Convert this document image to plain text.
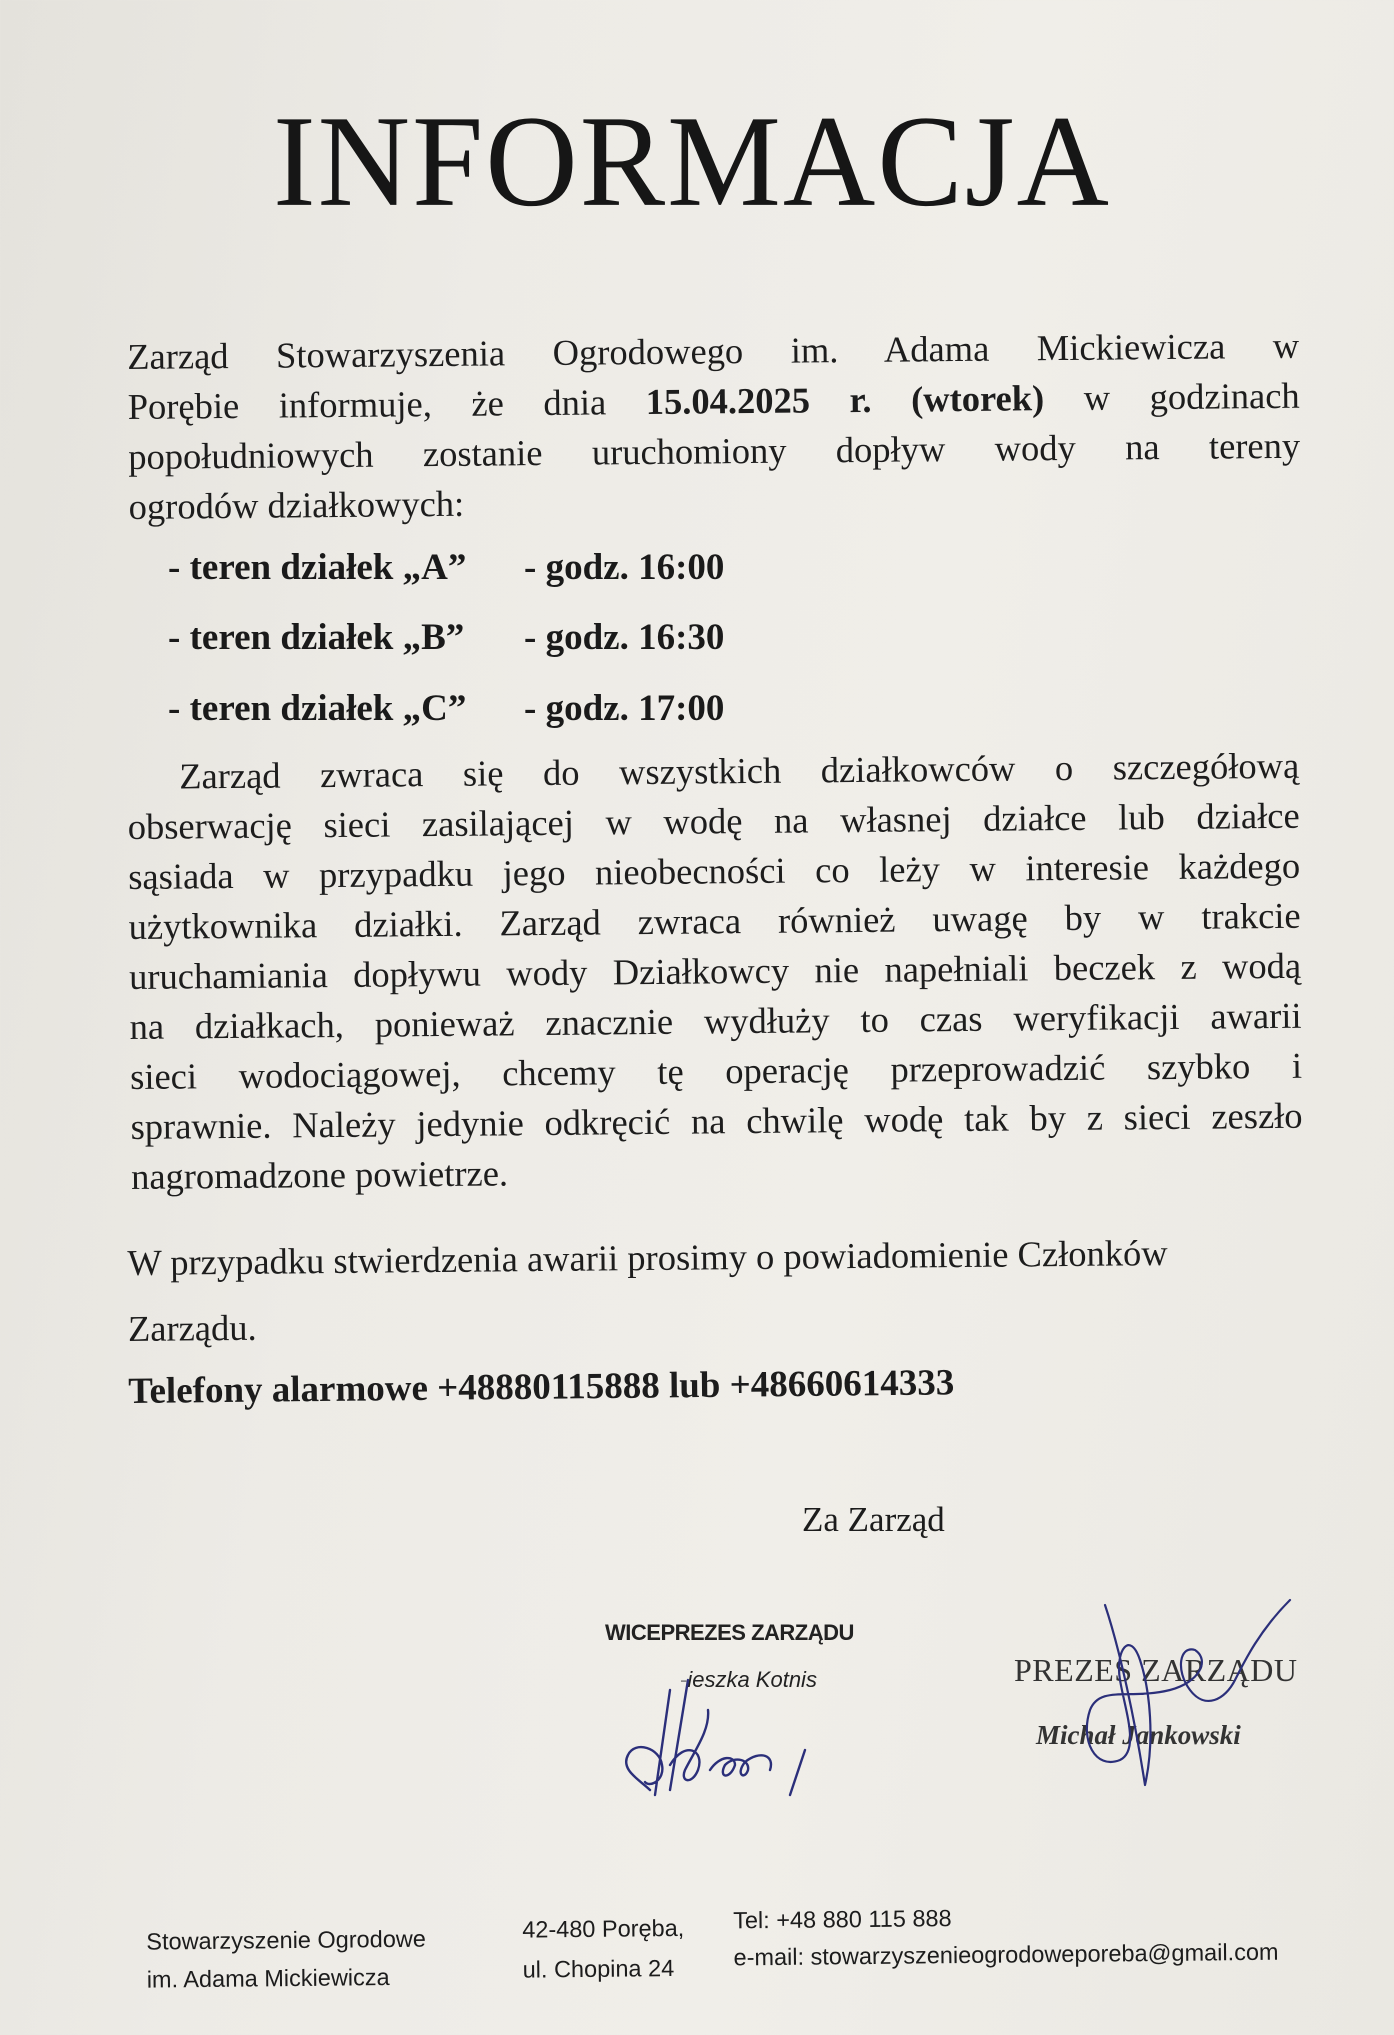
INFORMACJA
Zarząd Stowarzyszenia Ogrodowego im. Adama Mickiewicza w
Porębie informuje, że dnia 15.04.2025 r. (wtorek) w godzinach
popołudniowych zostanie uruchomiony dopływ wody na tereny
ogrodów działkowych:
- teren działek „A” - godz. 16:00
- teren działek „B” - godz. 16:30
- teren działek „C” - godz. 17:00
Zarząd zwraca się do wszystkich działkowców o szczegółową
obserwację sieci zasilającej w wodę na własnej działce lub działce
sąsiada w przypadku jego nieobecności co leży w interesie każdego
użytkownika działki. Zarząd zwraca również uwagę by w trakcie
uruchamiania dopływu wody Działkowcy nie napełniali beczek z wodą
na działkach, ponieważ znacznie wydłuży to czas weryfikacji awarii
sieci wodociągowej, chcemy tę operację przeprowadzić szybko i
sprawnie. Należy jedynie odkręcić na chwilę wodę tak by z sieci zeszło
nagromadzone powietrze.
W przypadku stwierdzenia awarii prosimy o powiadomienie Członków
Zarządu.
Telefony alarmowe +48880115888 lub +48660614333
Za Zarząd
WICEPREZES ZARZĄDU
-ieszka Kotnis	PREZES ZARZĄDU
Michał Jankowski
Stowarzyszenie Ogrodowe
im. Adama Mickiewicza
42-480 Poręba,
ul. Chopina 24
Tel: +48 880 115 888
e-mail: stowarzyszenieogrodoweporeba@gmail.com
